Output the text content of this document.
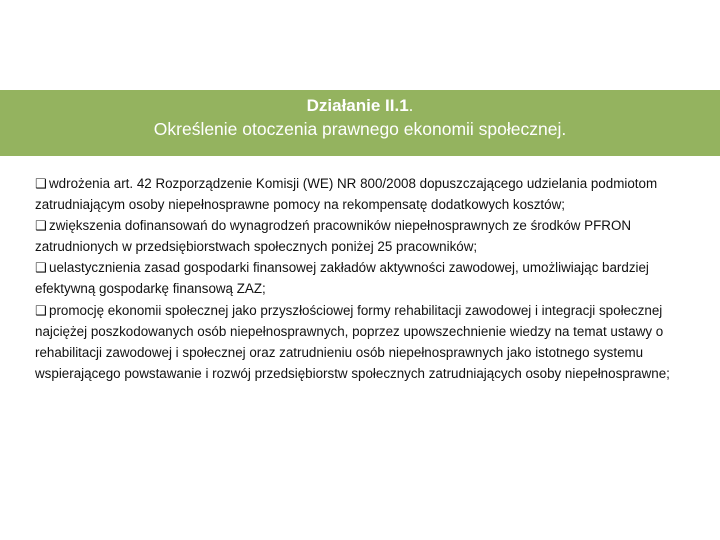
Działanie II.1.
Określenie otoczenia prawnego ekonomii społecznej.
❑ wdrożenia art. 42 Rozporządzenie Komisji (WE) NR 800/2008 dopuszczającego udzielania podmiotom zatrudniającym osoby niepełnosprawne pomocy na rekompensatę dodatkowych kosztów;
❑ zwiększenia dofinansowań do wynagrodzeń pracowników niepełnosprawnych ze środków PFRON zatrudnionych w przedsiębiorstwach społecznych poniżej 25 pracowników;
❑ uelastycznienia zasad gospodarki finansowej zakładów aktywności zawodowej, umożliwiając bardziej efektywną gospodarkę finansową ZAZ;
❑ promocję ekonomii społecznej jako przyszłościowej formy rehabilitacji zawodowej i integracji społecznej najciężej poszkodowanych osób niepełnosprawnych, poprzez upowszechnienie wiedzy na temat ustawy o rehabilitacji zawodowej i społecznej oraz zatrudnieniu osób niepełnosprawnych jako istotnego systemu wspierającego powstawanie i rozwój przedsiębiorstw społecznych zatrudniających osoby niepełnosprawne;
